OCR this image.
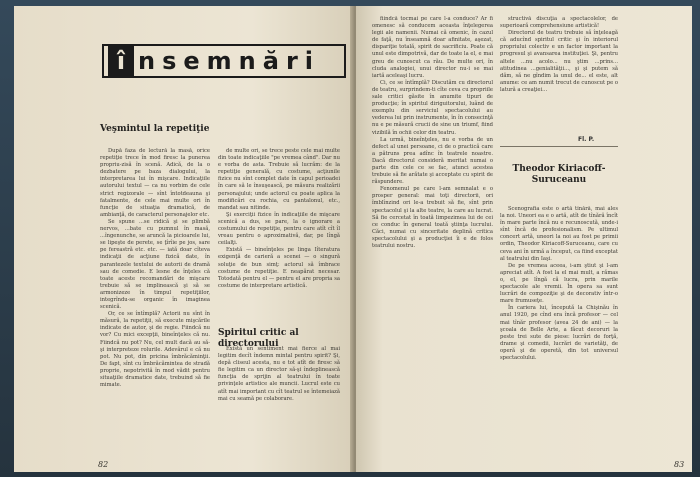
î nsemnări
Veşmintul la repetiţie

După faza de lectură la masă, orice repetiţie trece în mod firesc la punerea propriu-zisă în scenă. Adică, de la o dezbatere pe baza dialogului, la interpretarea lui în mişcare. Indicaţiile autorului textul — ca nu vorbim de cele strict regizorale — sînt întotdeauna şi fatalmente, de cele mai multe ori în funcţie de situaţia dramatică, de ambianţă, de caracterul personajelor etc.

Se spune ...se ridică şi se plimbă nervos, ...bate cu pumnul în masă, ...îngenunche, se aruncă la picioarele lui, se lipeşte de perete, se ţîrîie pe jos, sare pe fereastră etc. etc. — iată doar cîteva indicaţii de acţiune fizică date, în parantezele textului de autorii de dramă sau de comedie. E lesne de înţeles că toate aceste recomandări de mişcare trebuie să se implinească şi să se armonizeze în timpul repetiţiilor, integrîndu-se organic în imaginea scenică.

Or, ce se întîmplă? Actorii nu sînt în măsură, la repetiţii, să execute mişcările indicate de autor, şi de regie. Fiindcă nu vor? Cu mici excepţii, bineînţeles că nu. Fiindcă nu pot? Nu, cel mult dacă au să-şi interpreteze rolurile. Adevărul e că nu pot. Nu pot, din pricina îmbrăcăminţii. De fapt, sînt cu îmbrăcămintea de stradă proprie, nepotrivită în mod vădit pentru situaţiile dramatice date, trebuind să fie mimate.

de multe ori, se trece peste cele mai multe din toate indicaţiile "pe vremea când". Dar nu e vorba de asta. Trebuie să lucrăm: de la repetiţie generală, cu costume, acţiunile fizice nu sînt complet date în capul perioadei în care să le însuşească, pe măsura realizării personajului; unde actorul cu poate aplica la modificări cu rochia, cu pantalonul, etc., mandat sau nitinde.

Şi exerciţii fizice în indicaţiile de mişcare scenică a dus, se pare, la o ignorare a costumului de repetiţie, pentru care atît cît îl vreau pentru o aproximativă, dar, pe lîngă ceilalţi.

Există — bineînţeles pe linga Iîteratura exigenţă de carieră a scenei — o singură soluţie de bun simţ: actorul să îmbrace costume de repetiţie. E neapărat necesar. Totodată pentru el — pentru el are propria sa costume de interpretare artistică.

Spiritul critic al directorului

Există un sentiment mai fierce al mai legitim decît îndemn mintal pentru spirit? Şi, depă cliseul acesta, nu e tot atît de firesc să fie legitim ca un director să-şi îndeplinească funcţia de sprijin al teatrului în toate privinţele artistice ale muncii. Lucrul este cu atît mai important cu cît teatrul se întemeiază mai cu seamă pe colaborare.

82

fiindcă tocmai pe care l-a conduce? Ar fi omenesc să conducem aceasta înţelegerea legii ale namenii. Numai că omenic, în cazul de faţă, nu înseamnă doar afinitate, aşezat, dispariţie totală, spirit de sacrificiu. Poate că unul este dimpotrivă, dar de toate la el, e mai greu de cunoscut ca rău. De multe ori, în cluda analogiei, unui director nu-i se mai iartă aceleaşi lucru.

Ci, ce se întîmplă? Discutăm cu directorul de teatru, surprindem-ti cîte ceva cu propriile sale critici găsite în anumite tipuri de producţie; în spiritul diriguitorului, luând de exemplu din serviciul spectacolului au vederea lui prin instrumente, în în consecinţă nu e pe măsură crucii de sine un triumf, fiind vizibilă în ochii celor din teatru.

La urmă, bineînţeles, nu e vorba de un defect al unei persoane, ci de o practică care a pătruns prea adînc în teatrele noastre. Dacă directorul consideră meritat numai o parte din cele ce se fac, atunci acestea trebuie să fie arătate şi acceptate cu spirit de răspundere.

Fenomenul pe care l-am semnalat e o prosper general: mai toţi directorii, ori îmblînzind ori le-a trebuit să fie, sînt prin spectacolul şi la alte teatre, la care au lucrat. Să fie cercetat în toată limpezimea lui de cei ce conduc în general toată ştiinţa lucrului. Căci, numai cu sinceritate deplină critica spectacolului şi a producţiei îi e de folos teatrului nostru.

structivă discuţia a spectacolelor, de superioară comprehensiune artistică!

Directorul de teatru trebuie să înţeleagă că aducînd spiritul critic şi în interiorul propriului colectiv e un factor important la progresul şi avansarea instituţiei. Şi, pentru altele ...nu acolo... nu ştim ...prins... atitudinea ...genialităţii..., şi şi putem să dăm, să ne gîndim la unul de... el este, alt anume: ce am numit trecut de cunoscut pe o latură a creaţiei...

Fl. P.
Theodor Kiriacoff-Suruceanu

Scenografia este o artă tînără, mai ales la noi. Uneori ea e o artă, atît de tînără încît în mare parte încă nu e recunoscută, unde-i sînt încă de profesionalism. Pe ultimul concert artă, uneori la noi au fost pe primii ordin, Theodor Kiriacoff-Suruceanu, care cu ceva ani în urmă a început, ca fiind exceptat al teatrului din Iaşi.

De pe vremea aceea, i-am ştiut şi l-am apreciat atît. A fost la el mai mult, a rămas o, el, pe lîngă că lucra, prin marile spectacole ale vremii. În opera sa sunt lucrări de compoziţie şi de decorativ într-o mare frumuseţe.

În cariera lui, începută la Chişinău în anul 1920, pe cînd era încă profesor — cel mai tînăr profesor (avea 24 de ani) — la şcoala de Belle Arte, a făcut decoruri la peste trei sute de piese: lucrări de forţă, drame şi comedii, lucrări de varietăţi, de operă şi de operetă, din tot universul spectacolului.

83
